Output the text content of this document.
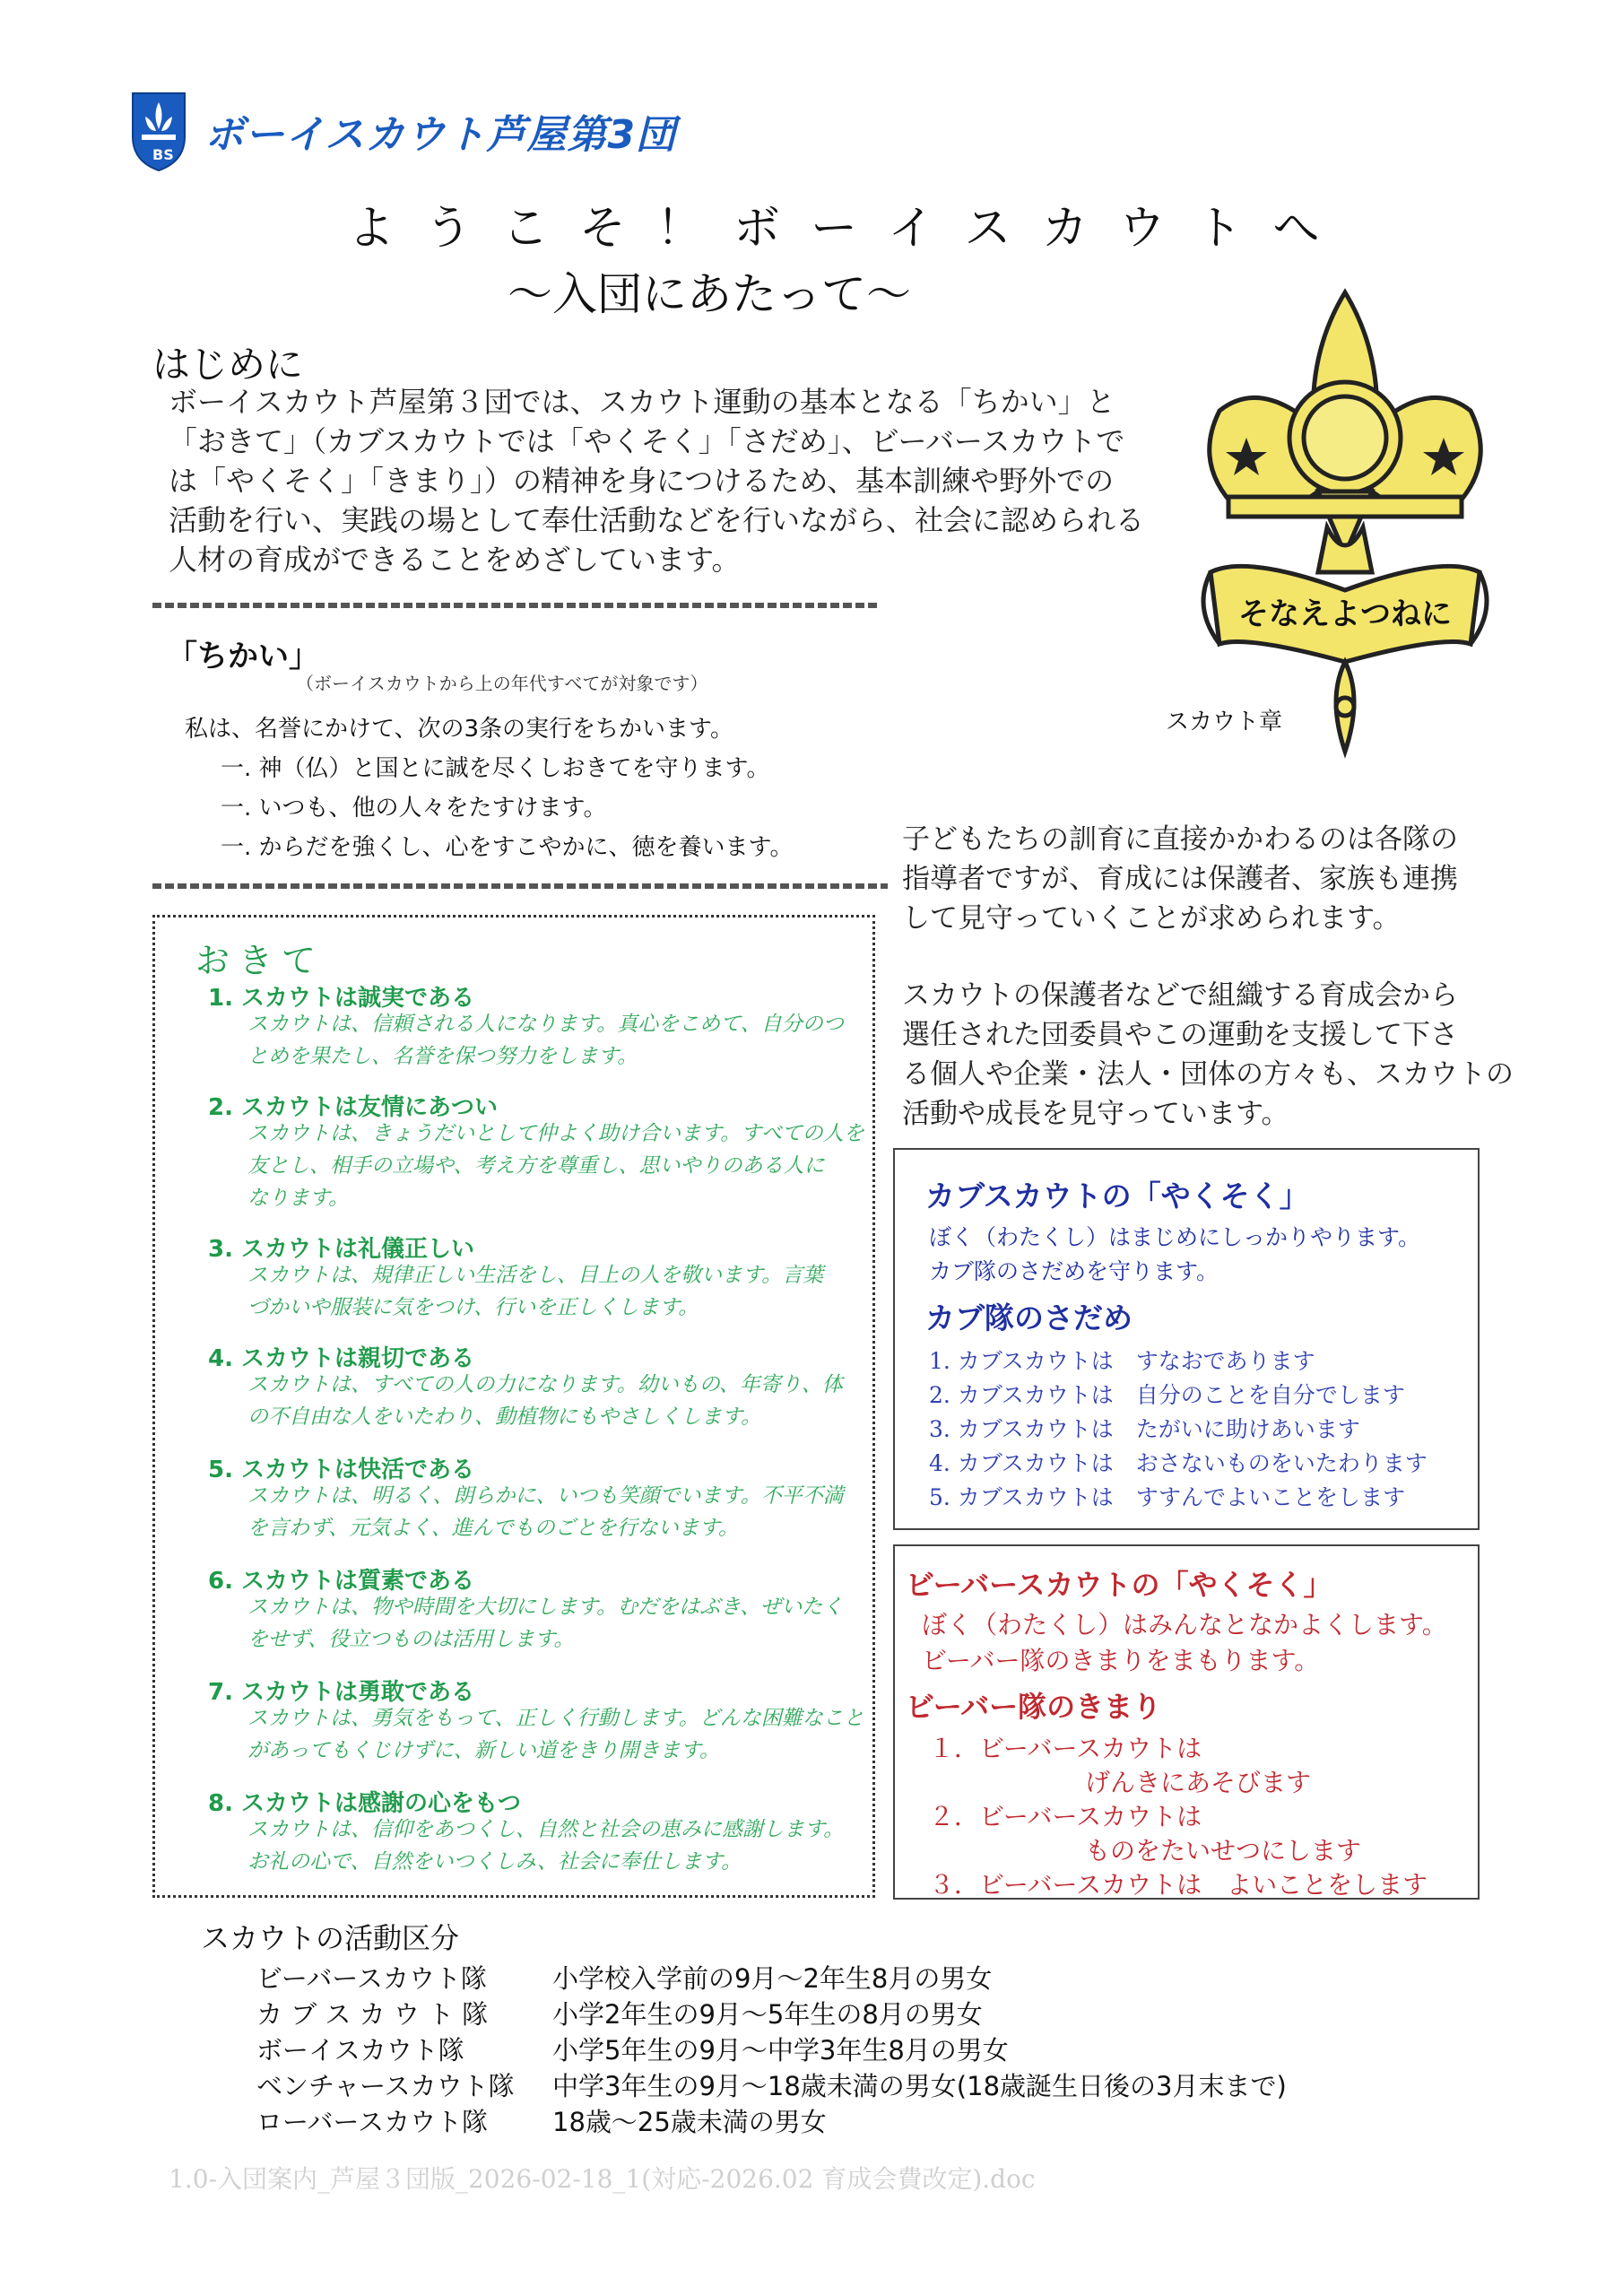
BS ボーイスカウト芦屋第3団
ようこそ！ボーイスカウトへ
～入団にあたって～
はじめに
ボーイスカウト芦屋第３団では、スカウト運動の基本となる「ちかい」と
「おきて」（カブスカウトでは「やくそく」「さだめ」、ビーバースカウトで
は「やくそく」「きまり」）の精神を身につけるため、基本訓練や野外での
活動を行い、実践の場として奉仕活動などを行いながら、社会に認められる
人材の育成ができることをめざしています。
そなえよつねに
スカウト章
「ちかい」
（ボーイスカウトから上の年代すべてが対象です）
私は、名誉にかけて、次の3条の実行をちかいます。
一. 神（仏）と国とに誠を尽くしおきてを守ります。
一. いつも、他の人々をたすけます。
一. からだを強くし、心をすこやかに、徳を養います。	子どもたちの訓育に直接かかわるのは各隊の
指導者ですが、育成には保護者、家族も連携
して見守っていくことが求められます。
スカウトの保護者などで組織する育成会から
選任された団委員やこの運動を支援して下さ
る個人や企業・法人・団体の方々も、スカウトの
活動や成長を見守っています。
おきて
1. スカウトは誠実である
スカウトは、信頼される人になります。真心をこめて、自分のつ
とめを果たし、名誉を保つ努力をします。
2. スカウトは友情にあつい
スカウトは、きょうだいとして仲よく助け合います。すべての人を
友とし、相手の立場や、考え方を尊重し、思いやりのある人に
なります。
3. スカウトは礼儀正しい
スカウトは、規律正しい生活をし、目上の人を敬います。言葉
づかいや服装に気をつけ、行いを正しくします。
4. スカウトは親切である
スカウトは、すべての人の力になります。幼いもの、年寄り、体
の不自由な人をいたわり、動植物にもやさしくします。
5. スカウトは快活である
スカウトは、明るく、朗らかに、いつも笑顔でいます。不平不満
を言わず、元気よく、進んでものごとを行ないます。
6. スカウトは質素である
スカウトは、物や時間を大切にします。むだをはぶき、ぜいたく
をせず、役立つものは活用します。
7. スカウトは勇敢である
スカウトは、勇気をもって、正しく行動します。どんな困難なこと
があってもくじけずに、新しい道をきり開きます。
8. スカウトは感謝の心をもつ
スカウトは、信仰をあつくし、自然と社会の恵みに感謝します。
お礼の心で、自然をいつくしみ、社会に奉仕します。
カブスカウトの「やくそく」
ぼく（わたくし）はまじめにしっかりやります。
カブ隊のさだめを守ります。
カブ隊のさだめ
1. カブスカウトは　すなおであります
2. カブスカウトは　自分のことを自分でします
3. カブスカウトは　たがいに助けあいます
4. カブスカウトは　おさないものをいたわります
5. カブスカウトは　すすんでよいことをします
ビーバースカウトの「やくそく」
ぼく（わたくし）はみんなとなかよくします。
ビーバー隊のきまりをまもります。
ビーバー隊のきまり
１．ビーバースカウトは
げんきにあそびます
２．ビーバースカウトは
ものをたいせつにします
３．ビーバースカウトは　よいことをします
スカウトの活動区分
ビーバースカウト隊	小学校入学前の9月～2年生8月の男女
カ ブ ス カ ウ ト 隊 小学2年生の9月～5年生の8月の男女
ボーイスカウト隊	小学5年生の9月～中学3年生8月の男女
ベンチャースカウト隊 中学3年生の9月～18歳未満の男女(18歳誕生日後の3月末まで)
ローバースカウト隊 18歳～25歳未満の男女
1.0-入団案内_芦屋３団版_2026-02-18_1(対応-2026.02 育成会費改定).doc
